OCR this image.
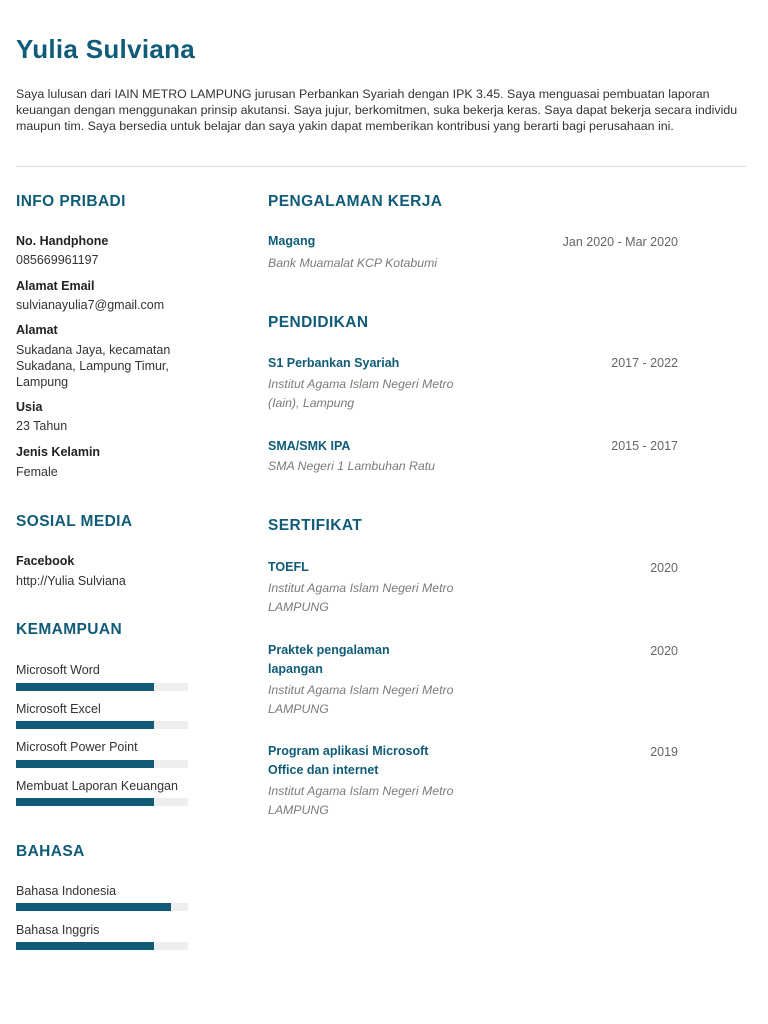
Yulia Sulviana
Saya lulusan dari IAIN METRO LAMPUNG jurusan Perbankan Syariah dengan IPK 3.45. Saya menguasai pembuatan laporan keuangan dengan menggunakan prinsip akutansi. Saya jujur, berkomitmen, suka bekerja keras. Saya dapat bekerja secara individu maupun tim. Saya bersedia untuk belajar dan saya yakin dapat memberikan kontribusi yang berarti bagi perusahaan ini.
INFO PRIBADI
No. Handphone
085669961197
Alamat Email
sulvianayulia7@gmail.com
Alamat
Sukadana Jaya, kecamatan Sukadana, Lampung Timur, Lampung
Usia
23 Tahun
Jenis Kelamin
Female
SOSIAL MEDIA
Facebook
http://Yulia Sulviana
KEMAMPUAN
Microsoft Word
Microsoft Excel
Microsoft Power Point
Membuat Laporan Keuangan
BAHASA
Bahasa Indonesia
Bahasa Inggris
PENGALAMAN KERJA
Magang	Jan 2020 - Mar 2020
Bank Muamalat KCP Kotabumi
PENDIDIKAN
S1 Perbankan Syariah	2017 - 2022
Institut Agama Islam Negeri Metro (Iain), Lampung
SMA/SMK IPA	2015 - 2017
SMA Negeri 1 Lambuhan Ratu
SERTIFIKAT
TOEFL	2020
Institut Agama Islam Negeri Metro LAMPUNG
Praktek pengalaman lapangan
2020
Institut Agama Islam Negeri Metro LAMPUNG
Program aplikasi Microsoft Office dan internet
2019
Institut Agama Islam Negeri Metro LAMPUNG
